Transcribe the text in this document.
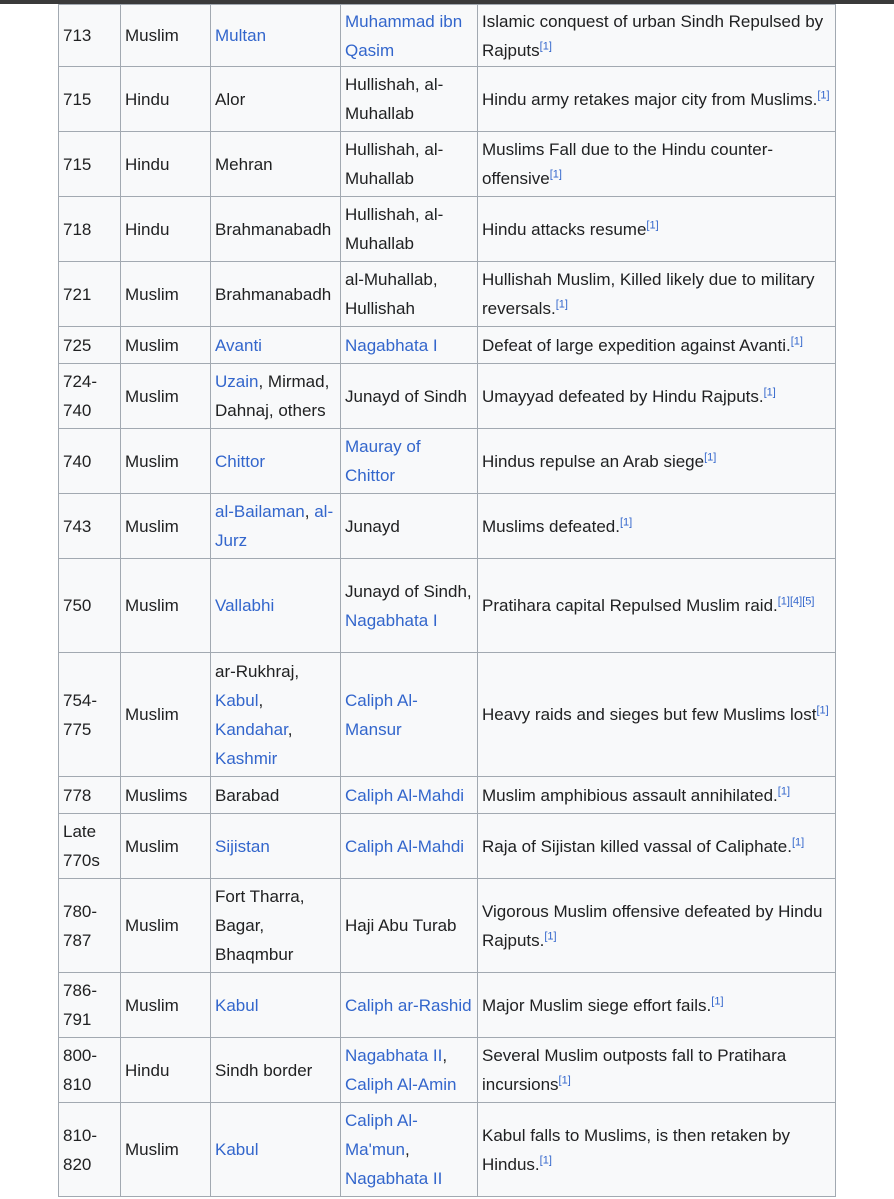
713	Muslim	Multan	Muhammad ibn Qasim	Islamic conquest of urban Sindh Repulsed by Rajputs[1]
715	Hindu	Alor	Hullishah, al-Muhallab	Hindu army retakes major city from Muslims.[1]
715	Hindu	Mehran	Hullishah, al-Muhallab	Muslims Fall due to the Hindu counter-offensive[1]
718	Hindu	Brahmanabadh	Hullishah, al-Muhallab	Hindu attacks resume[1]
721	Muslim	Brahmanabadh	al-Muhallab, Hullishah	Hullishah Muslim, Killed likely due to military reversals.[1]
725	Muslim	Avanti	Nagabhata I	Defeat of large expedition against Avanti.[1]
724-740	Muslim	Uzain, Mirmad, Dahnaj, others	Junayd of Sindh	Umayyad defeated by Hindu Rajputs.[1]
740	Muslim	Chittor	Mauray of Chittor	Hindus repulse an Arab siege[1]
743	Muslim	al-Bailaman, al-Jurz	Junayd	Muslims defeated.[1]
750	Muslim	Vallabhi	Junayd of Sindh, Nagabhata I	Pratihara capital Repulsed Muslim raid.[1][4][5]
754-775	Muslim	ar-Rukhraj, Kabul, Kandahar, Kashmir	Caliph Al-Mansur	Heavy raids and sieges but few Muslims lost[1]
778	Muslims	Barabad	Caliph Al-Mahdi	Muslim amphibious assault annihilated.[1]
Late 770s	Muslim	Sijistan	Caliph Al-Mahdi	Raja of Sijistan killed vassal of Caliphate.[1]
780-787	Muslim	Fort Tharra, Bagar, Bhaqmbur	Haji Abu Turab	Vigorous Muslim offensive defeated by Hindu Rajputs.[1]
786-791	Muslim	Kabul	Caliph ar-Rashid	Major Muslim siege effort fails.[1]
800-810	Hindu	Sindh border	Nagabhata II, Caliph Al-Amin	Several Muslim outposts fall to Pratihara incursions[1]
810-820	Muslim	Kabul	Caliph Al-Ma'mun, Nagabhata II	Kabul falls to Muslims, is then retaken by Hindus.[1]
